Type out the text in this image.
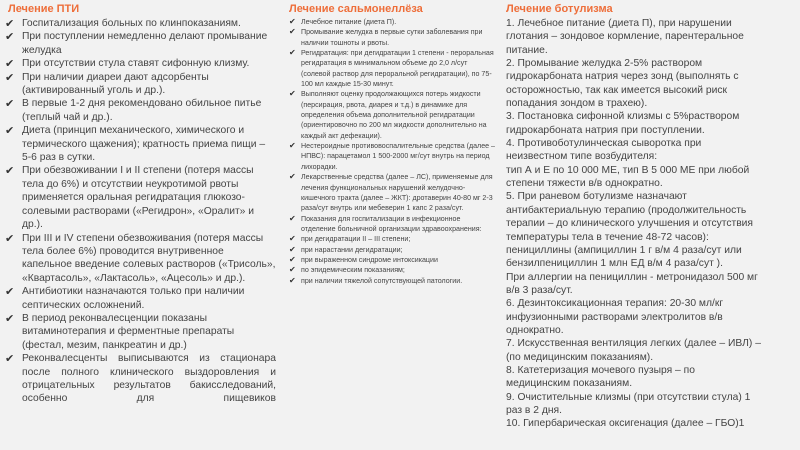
Лечение ПТИ
✔ Госпитализация больных по клинпоказаниям.
✔ При поступлении немедленно делают промывание желудка
✔ При отсутствии стула ставят сифонную клизму.
✔ При наличии диареи дают адсорбенты (активированный уголь и др.).
✔ В первые 1-2 дня рекомендовано обильное питье (теплый чай и др.).
✔ Диета (принцип механического, химического и термического щажения); кратность приема пищи – 5-6 раз в сутки.
✔ При обезвоживании I и II степени (потеря массы тела до 6%) и отсутствии неукротимой рвоты применяется оральная регидратация глюкозо-солевыми растворами («Регидрон», «Оралит» и др.).
✔ При III и IV степени обезвоживания (потеря массы тела более 6%) проводится внутривенное капельное введение солевых растворов («Трисоль», «Квартасоль», «Лактасоль», «Ацесоль» и др.).
✔ Антибиотики назначаются только при наличии септических осложнений.
✔ В период реконвалесценции показаны витаминотерапия и ферментные препараты (фестал, мезим, панкреатин и др.)
✔ Реконвалесценты выписываются из стационара после полного клинического выздоровления и отрицательных результатов бакисследований, особенно для пищевиков
Лечение сальмонеллёза
✔ Лечебное питание (диета П).
✔ Промывание желудка в первые сутки заболевания при наличии тошноты и рвоты.
✔ Регидратация: при дегидратации 1 степени - пероральная регидратация в минимальном объеме до 2,0 л/сут (солевой раствор для пероральной регидратации), по 75-100 мл каждые 15-30 минут.
✔ Выполняют оценку продолжающихся потерь жидкости (персирация, рвота, диарея и т.д.) в динамике для определения объема дополнительной регидратации (ориентировочно по 200 мл жидкости дополнительно на каждый акт дефекации).
✔ Нестероидные противовоспалительные средства (далее – НПВС): парацетамол 1 500-2000 мг/сут внутрь на период лихорадки.
✔ Лекарственные средства (далее – ЛС), применяемые для лечения функциональных нарушений желудочно-кишечного тракта (далее – ЖКТ): дротаверин 40-80 мг 2-3 раза/сут внутрь или мебеверин 1 капс 2 раза/сут.
✔ Показания для госпитализации в инфекционное отделение больничной организации здравоохранения:
✔ при дегидратации II – III степени;
✔ при нарастании дегидратации;
✔ при выраженном синдроме интоксикации
✔ по эпидемическим показаниям;
✔ при наличии тяжелой сопутствующей патологии.
Лечение ботулизма

1. Лечебное питание (диета П), при нарушении

глотания – зондовое кормление, парентеральное

питание.

2. Промывание желудка 2-5% раствором

гидрокарбоната натрия через зонд (выполнять с

осторожностью, так как имеется высокий риск

попадания зондом в трахею).

3. Постановка сифонной клизмы с 5%раствором

гидрокарбоната натрия при поступлении.

4. Противоботулинческая сыворотка при

неизвестном типе возбудителя:

тип А и Е по 10 000 МЕ, тип В 5 000 МЕ при любой

степени тяжести в/в однократно.

5. При раневом ботулизме назначают

антибактериальную терапию (продолжительность

терапии – до клинического улучшения и отсутствия

температуры тела в течение 48-72 часов):

пенициллины (ампициллин 1 г в/м 4 раза/сут или

бензилпенициллин 1 млн ЕД в/м 4 раза/сут ).

При аллергии на пенициллин - метронидазол 500 мг

в/в 3 раза/сут.

6. Дезинтоксикационная терапия: 20-30 мл/кг

инфузионными растворами электролитов в/в

однократно.

7. Искусственная вентиляция легких (далее – ИВЛ) –

(по медицинским показаниям).

8. Катетеризация мочевого пузыря – по

медицинским показаниям.

9. Очистительные клизмы (при отсутствии стула) 1

раз в 2 дня.

10. Гипербарическая оксигенация (далее – ГБО)1
